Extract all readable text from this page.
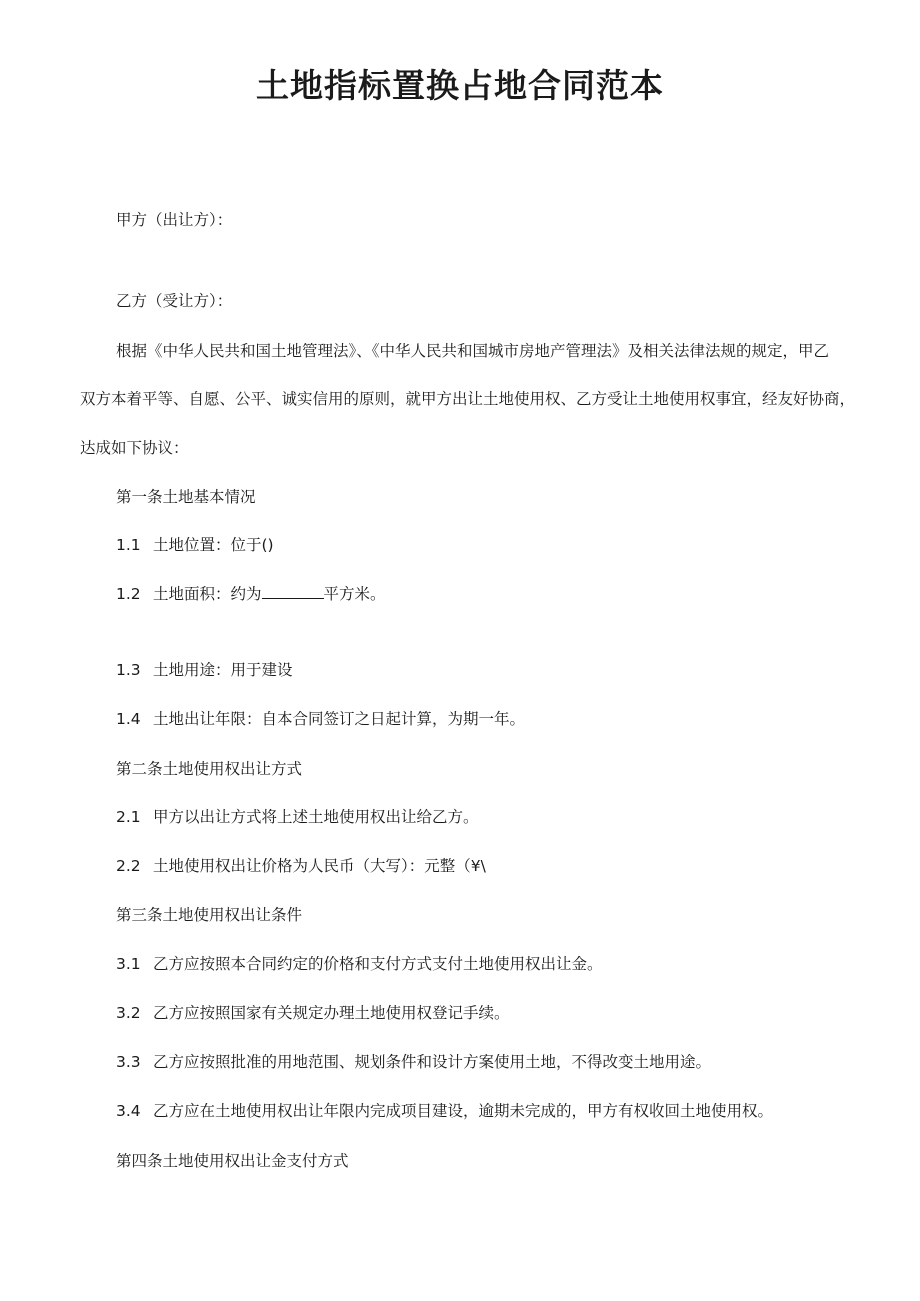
土地指标置换占地合同范本
甲方（出让方）：
乙方（受让方）：
根据《中华人民共和国土地管理法》、《中华人民共和国城市房地产管理法》及相关法律法规的规定，甲乙
双方本着平等、自愿、公平、诚实信用的原则，就甲方出让土地使用权、乙方受让土地使用权事宜，经友好协商，
达成如下协议：
第一条土地基本情况
1.1 土地位置：位于()
1.2 土地面积：约为	平方米。
1.3 土地用途：用于建设
1.4 土地出让年限：自本合同签订之日起计算，为期一年。
第二条土地使用权出让方式
2.1 甲方以出让方式将上述土地使用权出让给乙方。
2.2 土地使用权出让价格为人民币（大写）：元整（¥\
第三条土地使用权出让条件
3.1 乙方应按照本合同约定的价格和支付方式支付土地使用权出让金。
3.2 乙方应按照国家有关规定办理土地使用权登记手续。
3.3 乙方应按照批准的用地范围、规划条件和设计方案使用土地，不得改变土地用途。
3.4 乙方应在土地使用权出让年限内完成项目建设，逾期未完成的，甲方有权收回土地使用权。
第四条土地使用权出让金支付方式
